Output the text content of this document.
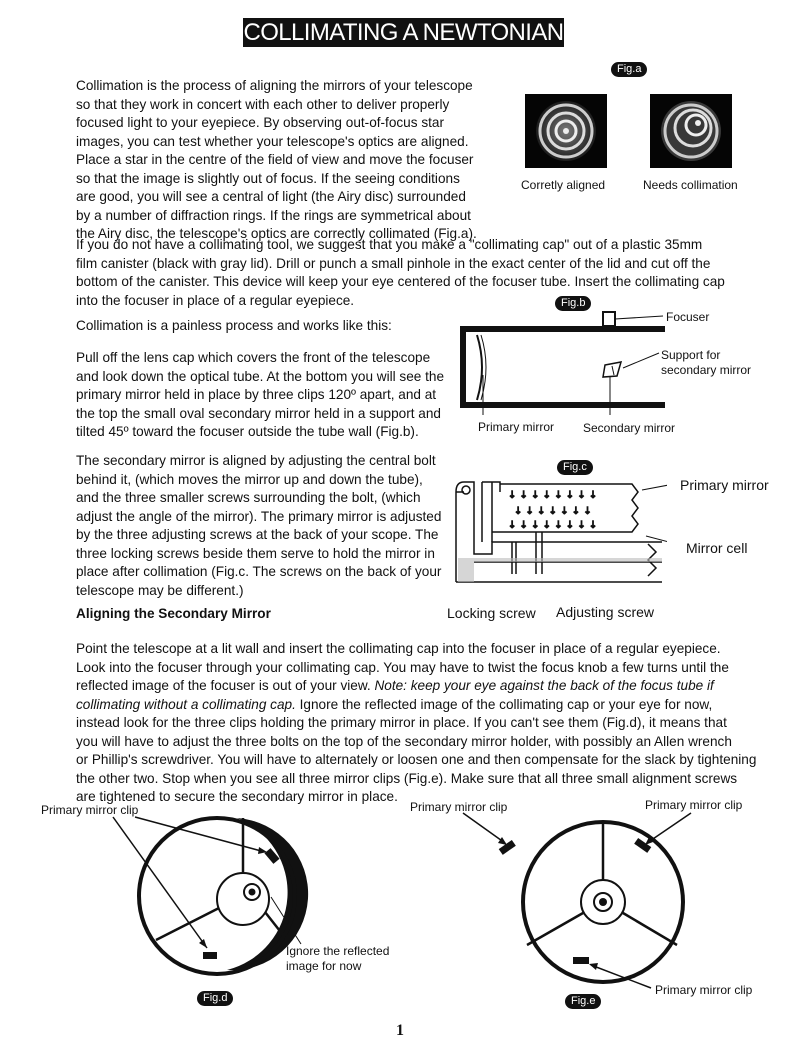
COLLIMATING A NEWTONIAN

Collimation is the process of aligning the mirrors of your telescope

so that they work in concert with each other to deliver properly

focused light to your eyepiece. By observing out-of-focus star

images, you can test whether your telescope's optics are aligned.

Place a star in the centre of the field of view and move the focuser

so that the image is slightly out of focus. If the seeing conditions

are good, you will see a central of light (the Airy disc) surrounded

by a number of diffraction rings. If the rings are symmetrical about

the Airy disc, the telescope's optics are correctly collimated (Fig.a).

Fig.a
Corretly aligned	Needs collimation

If you do not have a collimating tool, we suggest that you make a "collimating cap" out of a plastic 35mm

film canister (black with gray lid). Drill or punch a small pinhole in the exact center of the lid and cut off the

bottom of the canister. This device will keep your eye centered of the focuser tube. Insert the collimating cap

into the focuser in place of a regular eyepiece.

Collimation is a painless process and works like this:

Pull off the lens cap which covers the front of the telescope

and look down the optical tube. At the bottom you will see the

primary mirror held in place by three clips 120º apart, and at

the top the small oval secondary mirror held in a support and

tilted 45º toward the focuser outside the tube wall (Fig.b).

The secondary mirror is aligned by adjusting the central bolt

behind it, (which moves the mirror up and down the tube),

and the three smaller screws surrounding the bolt, (which

adjust the angle of the mirror). The primary mirror is adjusted

by the three adjusting screws at the back of your scope. The

three locking screws beside them serve to hold the mirror in

place after collimation (Fig.c. The screws on the back of your

telescope may be different.)

Fig.b
Focuser
Support for
secondary mirror
Primary mirror Secondary mirror
Fig.c
↓ ↓ ↓ ↓ ↓ ↓ ↓ ↓
↓ ↓ ↓ ↓ ↓ ↓ ↓
↓ ↓ ↓ ↓ ↓ ↓ ↓ ↓
Primary mirror
Mirror cell
Locking screw Adjusting screw
Aligning the Secondary Mirror

Point the telescope at a lit wall and insert the collimating cap into the focuser in place of a regular eyepiece.

Look into the focuser through your collimating cap. You may have to twist the focus knob a few turns until the

reflected image of the focuser is out of your view. Note: keep your eye against the back of the focus tube if

collimating without a collimating cap. Ignore the reflected image of the collimating cap or your eye for now,

instead look for the three clips holding the primary mirror in place. If you can't see them (Fig.d), it means that

you will have to adjust the three bolts on the top of the secondary mirror holder, with possibly an Allen wrench

or Phillip's screwdriver. You will have to alternately or loosen one and then compensate for the slack by tightening

the other two. Stop when you see all three mirror clips (Fig.e). Make sure that all three small alignment screws

are tightened to secure the secondary mirror in place.

Primary mirror clip
Ignore the reflected
image for now
Fig.d
Primary mirror clip	Primary mirror clip
Primary mirror clip
Fig.e
1
